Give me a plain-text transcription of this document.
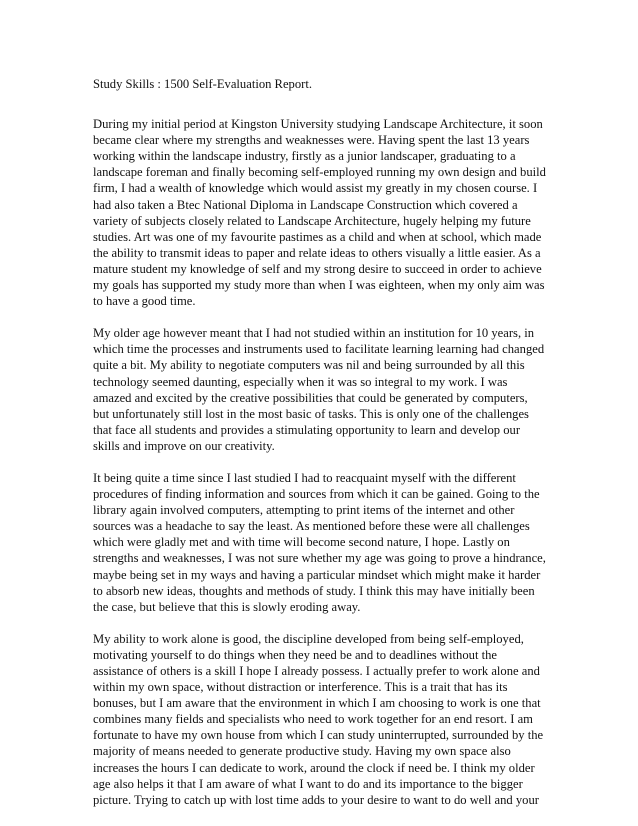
Study Skills : 1500 Self-Evaluation Report.
During my initial period at Kingston University studying Landscape Architecture, it soon
became clear where my strengths and weaknesses were. Having spent the last 13 years
working within the landscape industry, firstly as a junior landscaper, graduating to a
landscape foreman and finally becoming self-employed running my own design and build
firm, I had a wealth of knowledge which would assist my greatly in my chosen course. I
had also taken a Btec National Diploma in Landscape Construction which covered a
variety of subjects closely related to Landscape Architecture, hugely helping my future
studies. Art was one of my favourite pastimes as a child and when at school, which made
the ability to transmit ideas to paper and relate ideas to others visually a little easier. As a
mature student my knowledge of self and my strong desire to succeed in order to achieve
my goals has supported my study more than when I was eighteen, when my only aim was
to have a good time.
My older age however meant that I had not studied within an institution for 10 years, in
which time the processes and instruments used to facilitate learning learning had changed
quite a bit. My ability to negotiate computers was nil and being surrounded by all this
technology seemed daunting, especially when it was so integral to my work. I was
amazed and excited by the creative possibilities that could be generated by computers,
but unfortunately still lost in the most basic of tasks. This is only one of the challenges
that face all students and provides a stimulating opportunity to learn and develop our
skills and improve on our creativity.
It being quite a time since I last studied I had to reacquaint myself with the different
procedures of finding information and sources from which it can be gained. Going to the
library again involved computers, attempting to print items of the internet and other
sources was a headache to say the least. As mentioned before these were all challenges
which were gladly met and with time will become second nature, I hope. Lastly on
strengths and weaknesses, I was not sure whether my age was going to prove a hindrance,
maybe being set in my ways and having a particular mindset which might make it harder
to absorb new ideas, thoughts and methods of study. I think this may have initially been
the case, but believe that this is slowly eroding away.
My ability to work alone is good, the discipline developed from being self-employed,
motivating yourself to do things when they need be and to deadlines without the
assistance of others is a skill I hope I already possess. I actually prefer to work alone and
within my own space, without distraction or interference. This is a trait that has its
bonuses, but I am aware that the environment in which I am choosing to work is one that
combines many fields and specialists who need to work together for an end resort. I am
fortunate to have my own house from which I can study uninterrupted, surrounded by the
majority of means needed to generate productive study. Having my own space also
increases the hours I can dedicate to work, around the clock if need be. I think my older
age also helps it that I am aware of what I want to do and its importance to the bigger
picture. Trying to catch up with lost time adds to your desire to want to do well and your
